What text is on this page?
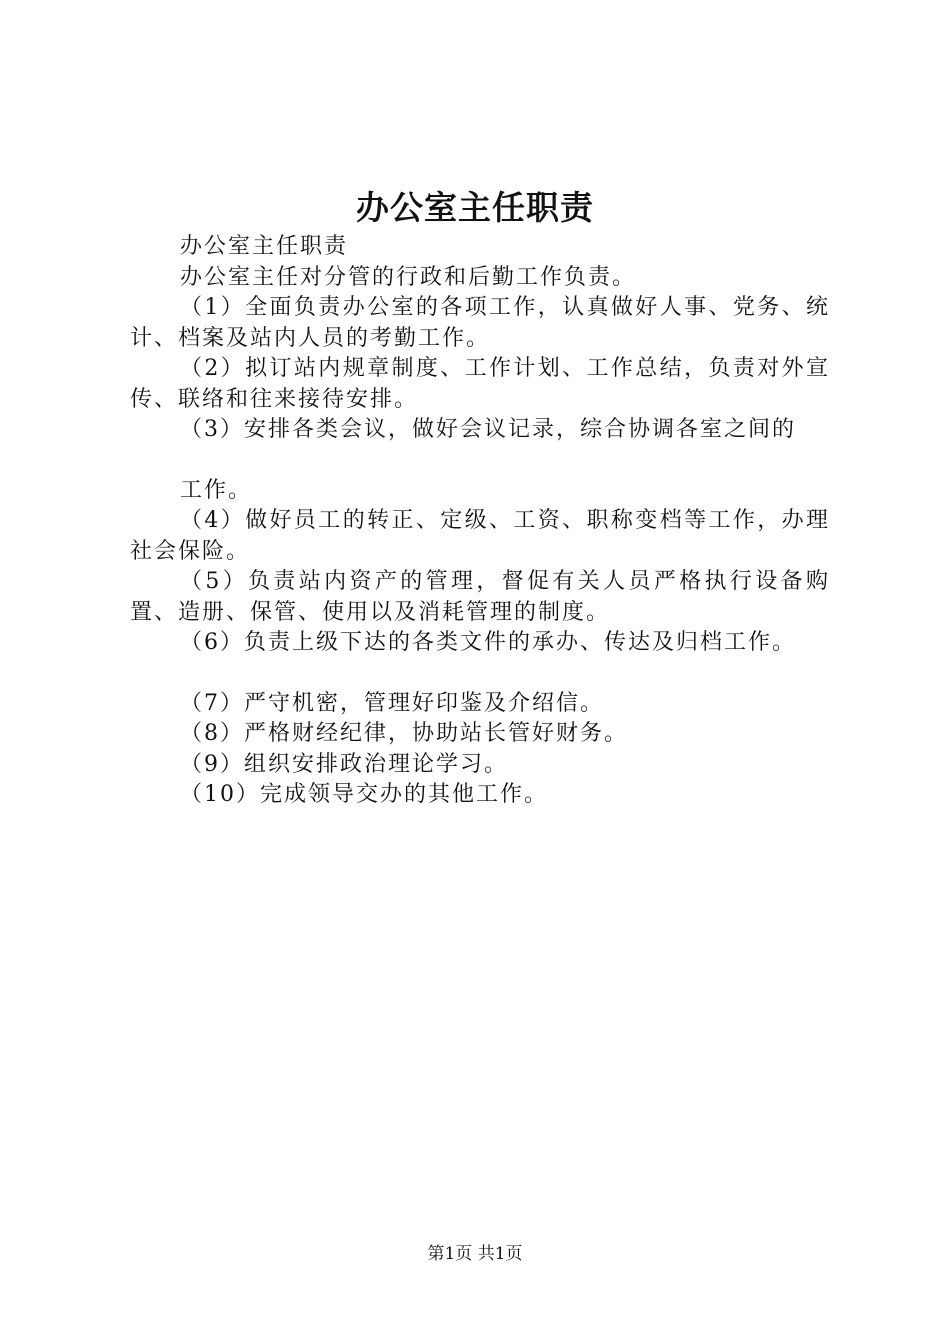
办公室主任职责

办公室主任职责

办公室主任对分管的行政和后勤工作负责。

（1）全面负责办公室的各项工作，认真做好人事、党务、统计、档案及站内人员的考勤工作。

（2）拟订站内规章制度、工作计划、工作总结，负责对外宣传、联络和往来接待安排。

（3）安排各类会议，做好会议记录，综合协调各室之间的

工作。

（4）做好员工的转正、定级、工资、职称变档等工作，办理社会保险。

（5）负责站内资产的管理，督促有关人员严格执行设备购置、造册、保管、使用以及消耗管理的制度。

（6）负责上级下达的各类文件的承办、传达及归档工作。

（7）严守机密，管理好印鉴及介绍信。

（8）严格财经纪律，协助站长管好财务。

（9）组织安排政治理论学习。

（10）完成领导交办的其他工作。

第1页 共1页
